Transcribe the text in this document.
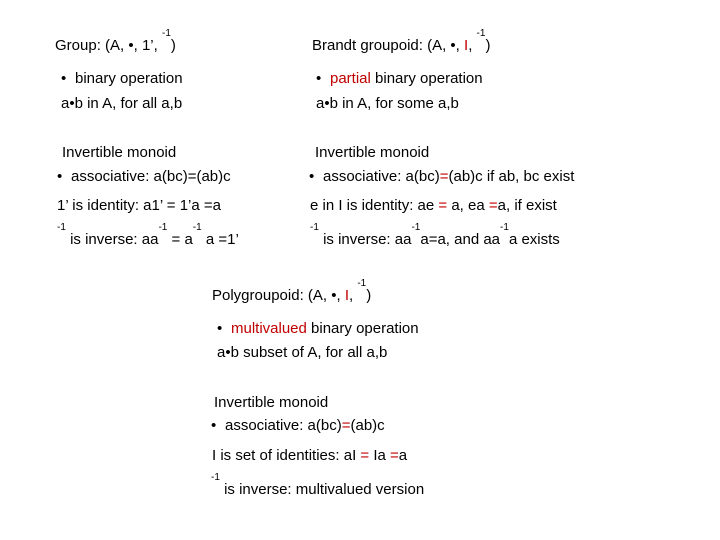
Group: (A, •, 1’, $^{-1}$)
• binary operation
a•b in A, for all a,b
Invertible monoid
• associative: a(bc)=(ab)c
1’ is identity: a1’ = 1’a =a
$^{-1}$ is inverse: $aa^{-1} = a^{-1}$ a =1’
Brandt groupoid: (A, •, I, $^{-1}$)
• partial binary operation
a•b in A, for some a,b
Invertible monoid
• associative: a(bc)=(ab)c if ab, bc exist
e in I is identity: ae = a, ea =a, if exist
$^{-1}$ is inverse: $aa^{-1}a=a$, and $aa^{-1}a$ exists
Polygroupoid: (A, •, I, $^{-1}$)
• multivalued binary operation
a•b subset of A, for all a,b
Invertible monoid
• associative: a(bc)=(ab)c
I is set of identities: aI = Ia =a
$^{-1}$ is inverse: multivalued version
